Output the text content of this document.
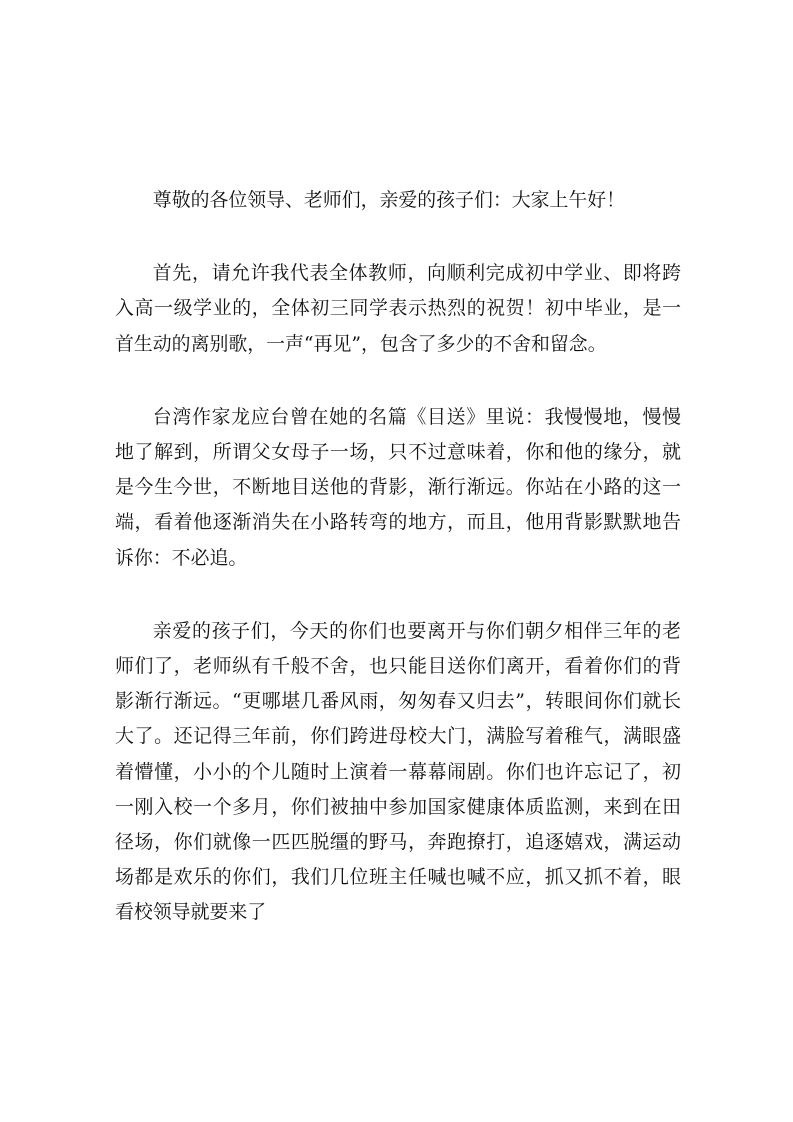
尊敬的各位领导、老师们，亲爱的孩子们：大家上午好！

首先，请允许我代表全体教师，向顺利完成初中学业、即将跨入高一级学业的，全体初三同学表示热烈的祝贺！初中毕业，是一首生动的离别歌，一声“再见”，包含了多少的不舍和留念。

台湾作家龙应台曾在她的名篇《目送》里说：我慢慢地，慢慢地了解到，所谓父女母子一场，只不过意味着，你和他的缘分，就是今生今世，不断地目送他的背影，渐行渐远。你站在小路的这一端，看着他逐渐消失在小路转弯的地方，而且，他用背影默默地告诉你：不必追。

亲爱的孩子们，今天的你们也要离开与你们朝夕相伴三年的老师们了，老师纵有千般不舍，也只能目送你们离开，看着你们的背影渐行渐远。“更哪堪几番风雨，匆匆春又归去”，转眼间你们就长大了。还记得三年前，你们跨进母校大门，满脸写着稚气，满眼盛着懵懂，小小的个儿随时上演着一幕幕闹剧。你们也许忘记了，初一刚入校一个多月，你们被抽中参加国家健康体质监测，来到在田径场，你们就像一匹匹脱缰的野马，奔跑撩打，追逐嬉戏，满运动场都是欢乐的你们，我们几位班主任喊也喊不应，抓又抓不着，眼看校领导就要来了
